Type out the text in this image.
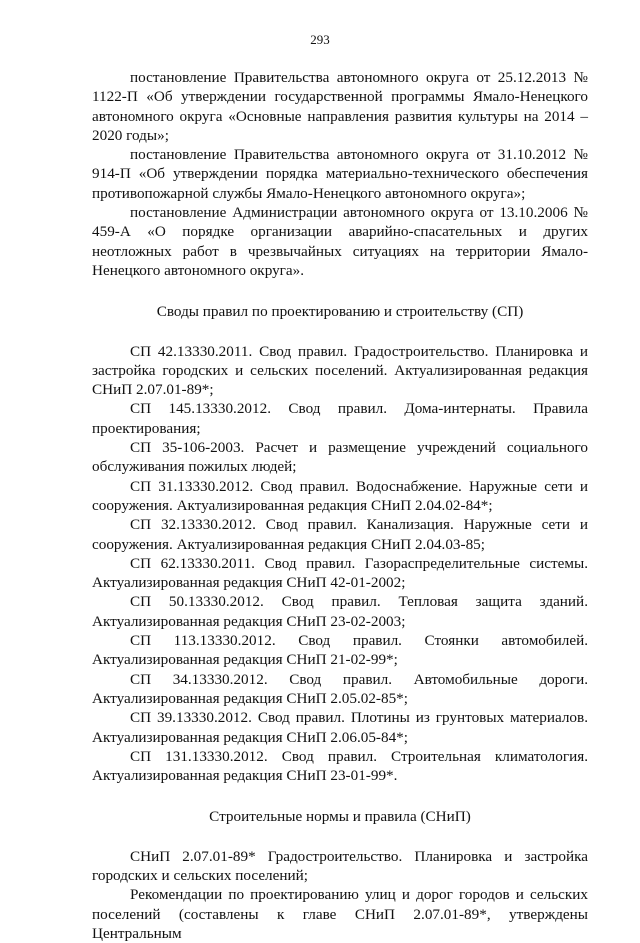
293

постановление Правительства автономного округа от 25.12.2013 № 1122-П «Об утверждении государственной программы Ямало-Ненецкого автономного округа «Основные направления развития культуры на 2014 – 2020 годы»;

постановление Правительства автономного округа от 31.10.2012 № 914-П «Об утверждении порядка материально-технического обеспечения противопожарной службы Ямало-Ненецкого автономного округа»;

постановление Администрации автономного округа от 13.10.2006 № 459-А «О порядке организации аварийно-спасательных и других неотложных работ в чрезвычайных ситуациях на территории Ямало-Ненецкого автономного округа».

Своды правил по проектированию и строительству (СП)

СП 42.13330.2011. Свод правил. Градостроительство. Планировка и застройка городских и сельских поселений. Актуализированная редакция СНиП 2.07.01-89*;

СП 145.13330.2012. Свод правил. Дома-интернаты. Правила проектирования;

СП 35-106-2003. Расчет и размещение учреждений социального обслуживания пожилых людей;

СП 31.13330.2012. Свод правил. Водоснабжение. Наружные сети и сооружения. Актуализированная редакция СНиП 2.04.02-84*;

СП 32.13330.2012. Свод правил. Канализация. Наружные сети и сооружения. Актуализированная редакция СНиП 2.04.03-85;

СП 62.13330.2011. Свод правил. Газораспределительные системы. Актуализированная редакция СНиП 42-01-2002;

СП 50.13330.2012. Свод правил. Тепловая защита зданий. Актуализированная редакция СНиП 23-02-2003;

СП 113.13330.2012. Свод правил. Стоянки автомобилей. Актуализированная редакция СНиП 21-02-99*;

СП 34.13330.2012. Свод правил. Автомобильные дороги. Актуализированная редакция СНиП 2.05.02-85*;

СП 39.13330.2012. Свод правил. Плотины из грунтовых материалов. Актуализированная редакция СНиП 2.06.05-84*;

СП 131.13330.2012. Свод правил. Строительная климатология. Актуализированная редакция СНиП 23-01-99*.

Строительные нормы и правила (СНиП)

СНиП 2.07.01-89* Градостроительство. Планировка и застройка городских и сельских поселений;

Рекомендации по проектированию улиц и дорог городов и сельских поселений (составлены к главе СНиП 2.07.01-89*, утверждены Центральным
